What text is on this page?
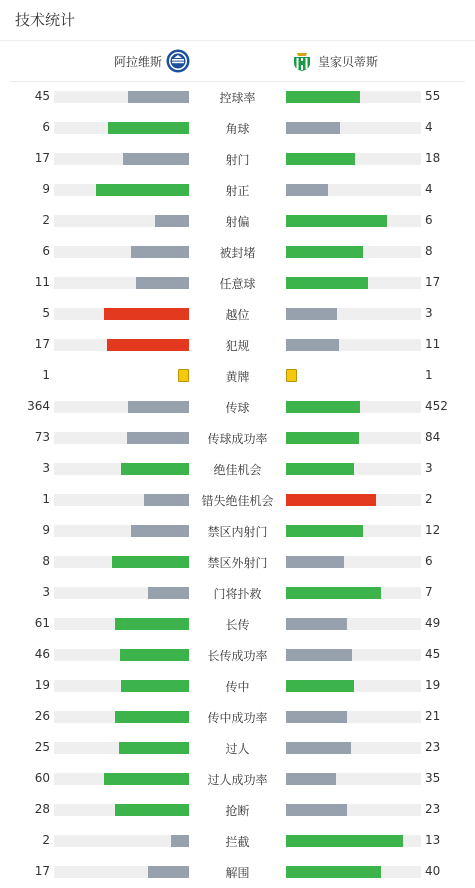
技术统计
阿拉维斯	皇家贝蒂斯
45	控球率	55
6	角球	4
17	射门	18
9	射正	4
2	射偏	6
6	被封堵	8
11	任意球	17
5	越位	3
17	犯规	11
1	黄牌	1
364	传球	452
73	传球成功率	84
3	绝佳机会	3
1	错失绝佳机会	2
9	禁区内射门	12
8	禁区外射门	6
3	门将扑救	7
61	长传	49
46	长传成功率	45
19	传中	19
26	传中成功率	21
25	过人	23
60	过人成功率	35
28	抢断	23
2	拦截	13
17	解围	40
